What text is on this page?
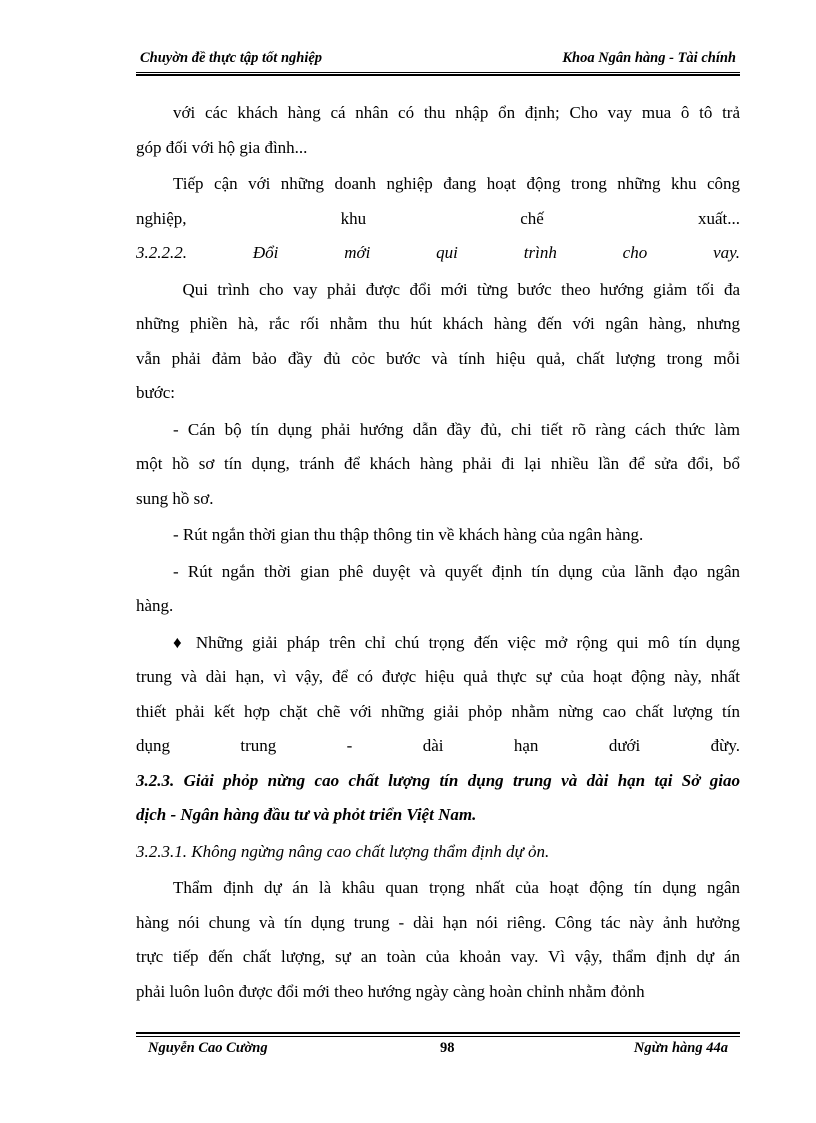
Chuyờn đề thực tập tốt nghiệp	Khoa Ngân hàng - Tài chính

với các khách hàng cá nhân có thu nhập ổn định; Cho vay mua ô tô trả
góp đối với hộ gia đình...

Tiếp cận với những doanh nghiệp đang hoạt động trong những khu công
nghiệp,          khu          chế          xuất...

3.2.2.2.          Đổi          mới          qui          trình          cho          vay.

Qui trình cho vay phải được đổi mới từng bước theo hướng giảm tối đa
những phiền hà, rắc rối nhằm thu hút khách hàng đến với ngân hàng, nhưng
vẫn phải đảm bảo đầy đủ cỏc bước và tính hiệu quả, chất lượng trong mỗi
bước:

- Cán bộ tín dụng phải hướng dẫn đầy đủ, chi tiết rõ ràng cách thức làm
một hồ sơ tín dụng, tránh để khách hàng phải đi lại nhiều lần để sửa đổi, bổ
sung hồ sơ.

- Rút ngắn thời gian thu thập thông tin về khách hàng của ngân hàng.

- Rút ngắn thời gian phê duyệt và quyết định tín dụng của lãnh đạo ngân
hàng.

♦ Những giải pháp trên chỉ chú trọng đến việc mở rộng qui mô tín dụng
trung và dài hạn, vì vậy, để có được hiệu quả thực sự của hoạt động này, nhất
thiết phải kết hợp chặt chẽ với những giải phỏp nhằm nừng cao chất lượng tín
dụng          trung          -          dài          hạn          dưới          đừy.

3.2.3. Giải phỏp nừng cao chất lượng tín dụng trung và dài hạn tại Sở giao
dịch - Ngân hàng đầu tư và phỏt triển Việt Nam.

3.2.3.1. Không ngừng nâng cao chất lượng thẩm định dự ỏn.

Thẩm định dự án là khâu quan trọng nhất của hoạt động tín dụng ngân
hàng nói chung và tín dụng trung - dài hạn nói riêng. Công tác này ảnh hưởng
trực tiếp đến chất lượng, sự an toàn của khoản vay. Vì vậy, thẩm định dự án
phải luôn luôn được đổi mới theo hướng ngày càng hoàn chỉnh nhằm đỏnh

Nguyễn Cao Cường	98	Ngừn hàng 44a
